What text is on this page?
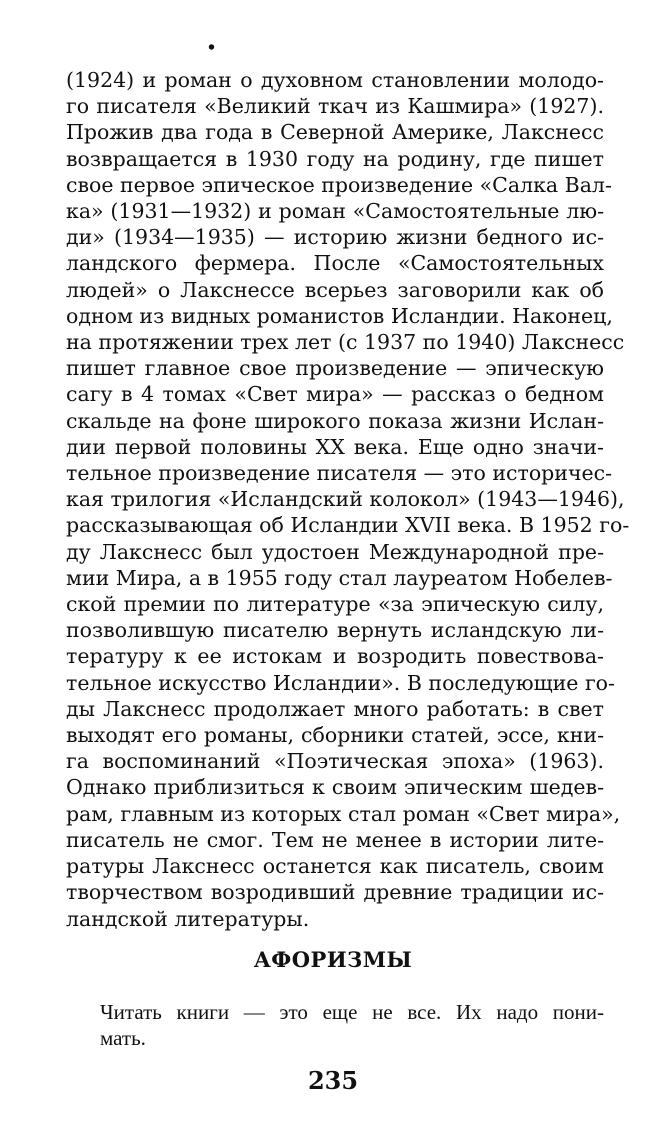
•
(1924) и роман о духовном становлении молодо-
го писателя «Великий ткач из Кашмира» (1927).
Прожив два года в Северной Америке, Лакснесс
возвращается в 1930 году на родину, где пишет
свое первое эпическое произведение «Салка Вал-
ка» (1931—1932) и роман «Самостоятельные лю-
ди» (1934—1935) — историю жизни бедного ис-
ландского фермера. После «Самостоятельных
людей» о Лакснессе всерьез заговорили как об
одном из видных романистов Исландии. Наконец,
на протяжении трех лет (с 1937 по 1940) Лакснесс
пишет главное свое произведение — эпическую
сагу в 4 томах «Свет мира» — рассказ о бедном
скальде на фоне широкого показа жизни Ислан-
дии первой половины XX века. Еще одно значи-
тельное произведение писателя — это историчес-
кая трилогия «Исландский колокол» (1943—1946),
рассказывающая об Исландии XVII века. В 1952 го-
ду Лакснесс был удостоен Международной пре-
мии Мира, а в 1955 году стал лауреатом Нобелев-
ской премии по литературе «за эпическую силу,
позволившую писателю вернуть исландскую ли-
тературу к ее истокам и возродить повествова-
тельное искусство Исландии». В последующие го-
ды Лакснесс продолжает много работать: в свет
выходят его романы, сборники статей, эссе, кни-
га воспоминаний «Поэтическая эпоха» (1963).
Однако приблизиться к своим эпическим шедев-
рам, главным из которых стал роман «Свет мира»,
писатель не смог. Тем не менее в истории лите-
ратуры Лакснесс останется как писатель, своим
творчеством возродивший древние традиции ис-
ландской литературы.
АФОРИЗМЫ
Читать книги — это еще не все. Их надо пони-
мать.
235
